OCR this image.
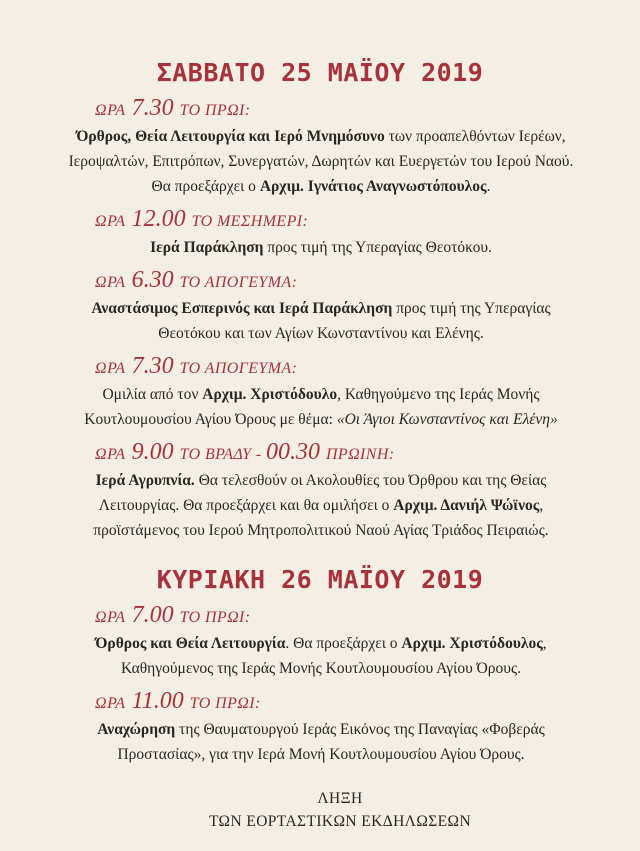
ΣΑΒΒΑΤΟ 25 ΜΑΪΟΥ 2019
ΩΡΑ 7.30 ΤΟ ΠΡΩΙ:
Όρθρος, Θεία Λειτουργία και Ιερό Μνημόσυνο των προαπελθόντων Ιερέων, Ιεροψαλτών, Επιτρόπων, Συνεργατών, Δωρητών και Ευεργετών του Ιερού Ναού. Θα προεξάρχει ο Αρχιμ. Ιγνάτιος Αναγνωστόπουλος.
ΩΡΑ 12.00 ΤΟ ΜΕΣΗΜΕΡΙ:
Ιερά Παράκληση προς τιμή της Υπεραγίας Θεοτόκου.
ΩΡΑ 6.30 ΤΟ ΑΠΟΓΕΥΜΑ:
Αναστάσιμος Εσπερινός και Ιερά Παράκληση προς τιμή της Υπεραγίας Θεοτόκου και των Αγίων Κωνσταντίνου και Ελένης.
ΩΡΑ 7.30 ΤΟ ΑΠΟΓΕΥΜΑ:
Ομιλία από τον Αρχιμ. Χριστόδουλο, Καθηγούμενο της Ιεράς Μονής Κουτλουμουσίου Αγίου Όρους με θέμα: «Οι Άγιοι Κωνσταντίνος και Ελένη»
ΩΡΑ 9.00 ΤΟ ΒΡΑΔΥ - 00.30 ΠΡΩΙΝΗ:
Ιερά Αγρυπνία. Θα τελεσθούν οι Ακολουθίες του Όρθρου και της Θείας Λειτουργίας. Θα προεξάρχει και θα ομιλήσει ο Αρχιμ. Δανιήλ Ψώϊνος, προϊστάμενος του Ιερού Μητροπολιτικού Ναού Αγίας Τριάδος Πειραιώς.
ΚΥΡΙΑΚΗ 26 ΜΑΪΟΥ 2019
ΩΡΑ 7.00 ΤΟ ΠΡΩΙ:
Όρθρος και Θεία Λειτουργία. Θα προεξάρχει ο Αρχιμ. Χριστόδουλος, Καθηγούμενος της Ιεράς Μονής Κουτλουμουσίου Αγίου Όρους.
ΩΡΑ 11.00 ΤΟ ΠΡΩΙ:
Αναχώρηση της Θαυματουργού Ιεράς Εικόνος της Παναγίας «Φοβεράς Προστασίας», για την Ιερά Μονή Κουτλουμουσίου Αγίου Όρους.
ΛΗΞΗ
ΤΩΝ ΕΟΡΤΑΣΤΙΚΩΝ ΕΚΔΗΛΩΣΕΩΝ
